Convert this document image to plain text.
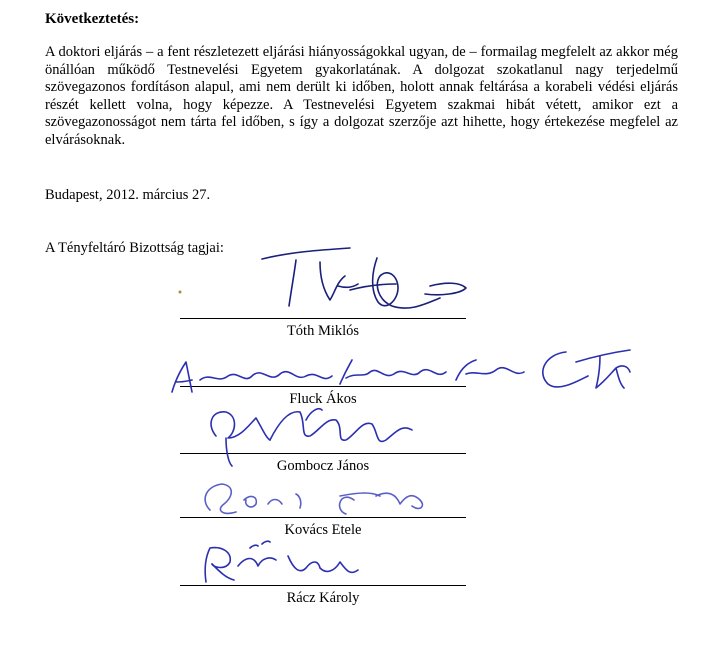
Következtetés:

A doktori eljárás – a fent részletezett eljárási hiányosságokkal ugyan, de – formailag megfelelt az akkor még önállóan működő Testnevelési Egyetem gyakorlatának. A dolgozat szokatlanul nagy terjedelmű szövegazonos fordításon alapul, ami nem derült ki időben, holott annak feltárása a korabeli védési eljárás részét kellett volna, hogy képezze. A Testnevelési Egyetem szakmai hibát vétett, amikor ezt a szövegazonosságot nem tárta fel időben, s így a dolgozat szerzője azt hihette, hogy értekezése megfelel az elvárásoknak.

Budapest, 2012. március 27.

A Tényfeltáró Bizottság tagjai:

Tóth Miklós
Fluck Ákos
Gombocz János
Kovács Etele
Rácz Károly
